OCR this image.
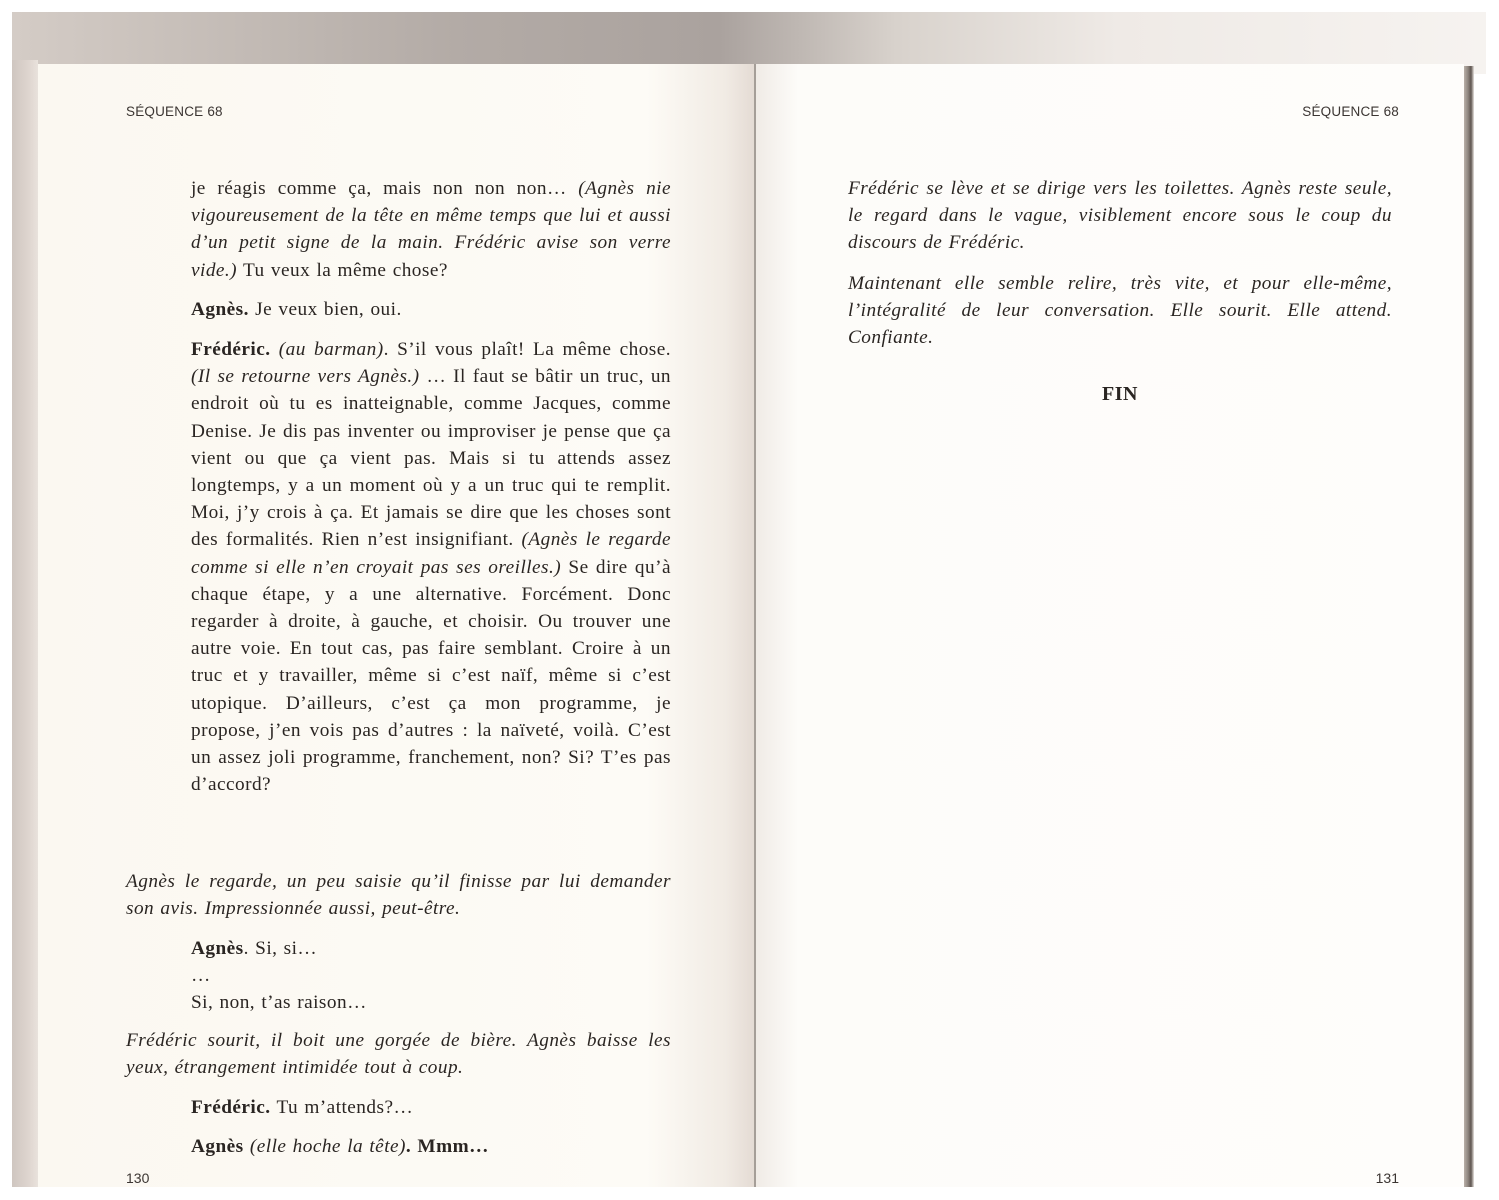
SÉQUENCE 68

je réagis comme ça, mais non non non… (Agnès nie vigoureusement de la tête en même temps que lui et aussi d’un petit signe de la main. Frédéric avise son verre vide.) Tu veux la même chose?

Agnès. Je veux bien, oui.

Frédéric. (au barman). S’il vous plaît! La même chose. (Il se retourne vers Agnès.) … Il faut se bâtir un truc, un endroit où tu es inatteignable, comme Jacques, comme Denise. Je dis pas inventer ou improviser je pense que ça vient ou que ça vient pas. Mais si tu attends assez longtemps, y a un moment où y a un truc qui te remplit. Moi, j’y crois à ça. Et jamais se dire que les choses sont des formalités. Rien n’est insignifiant. (Agnès le regarde comme si elle n’en croyait pas ses oreilles.) Se dire qu’à chaque étape, y a une alternative. Forcément. Donc regarder à droite, à gauche, et choisir. Ou trouver une autre voie. En tout cas, pas faire semblant. Croire à un truc et y travailler, même si c’est naïf, même si c’est utopique. D’ailleurs, c’est ça mon programme, je propose, j’en vois pas d’autres : la naïveté, voilà. C’est un assez joli programme, franchement, non? Si? T’es pas d’accord?

Agnès le regarde, un peu saisie qu’il finisse par lui demander son avis. Impressionnée aussi, peut-être.

Agnès. Si, si…

…

Si, non, t’as raison…

Frédéric sourit, il boit une gorgée de bière. Agnès baisse les yeux, étrangement intimidée tout à coup.

Frédéric. Tu m’attends?…

Agnès (elle hoche la tête). Mmm…

130
SÉQUENCE 68

Frédéric se lève et se dirige vers les toilettes. Agnès reste seule, le regard dans le vague, visiblement encore sous le coup du discours de Frédéric.

Maintenant elle semble relire, très vite, et pour elle-même, l’intégralité de leur conversation. Elle sourit. Elle attend. Confiante.

FIN
131
